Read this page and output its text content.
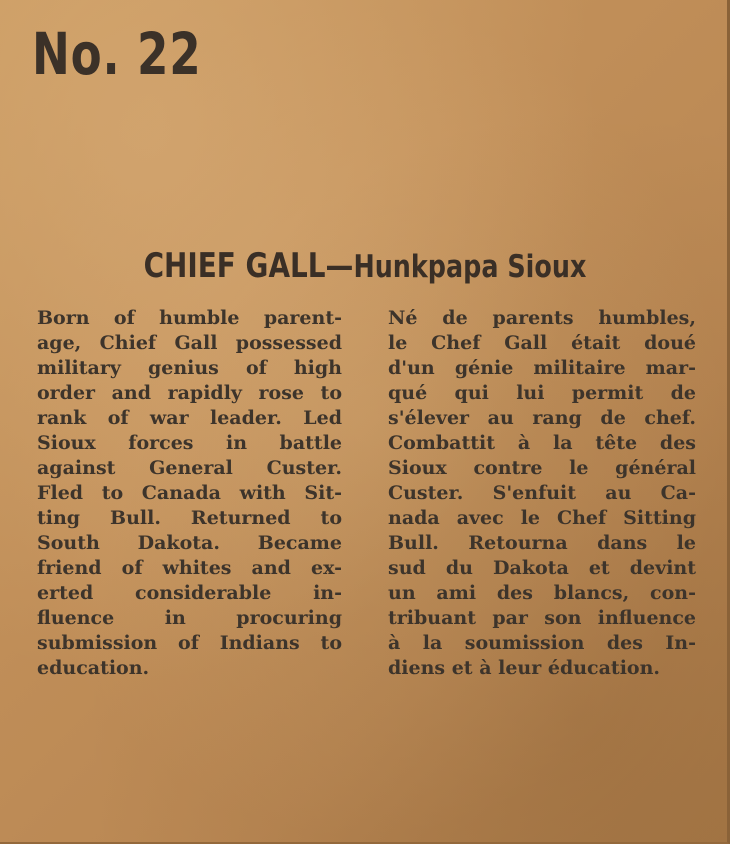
No. 22
CHIEF GALL—Hunkpapa Sioux
Born of humble parent-
age, Chief Gall possessed
military genius of high
order and rapidly rose to
rank of war leader. Led
Sioux forces in battle
against General Custer.
Fled to Canada with Sit-
ting Bull. Returned to
South Dakota. Became
friend of whites and ex-
erted considerable in-
fluence in procuring
submission of Indians to
education.
Né de parents humbles,
le Chef Gall était doué
d'un génie militaire mar-
qué qui lui permit de
s'élever au rang de chef.
Combattit à la tête des
Sioux contre le général
Custer. S'enfuit au Ca-
nada avec le Chef Sitting
Bull. Retourna dans le
sud du Dakota et devint
un ami des blancs, con-
tribuant par son influence
à la soumission des In-
diens et à leur éducation.
